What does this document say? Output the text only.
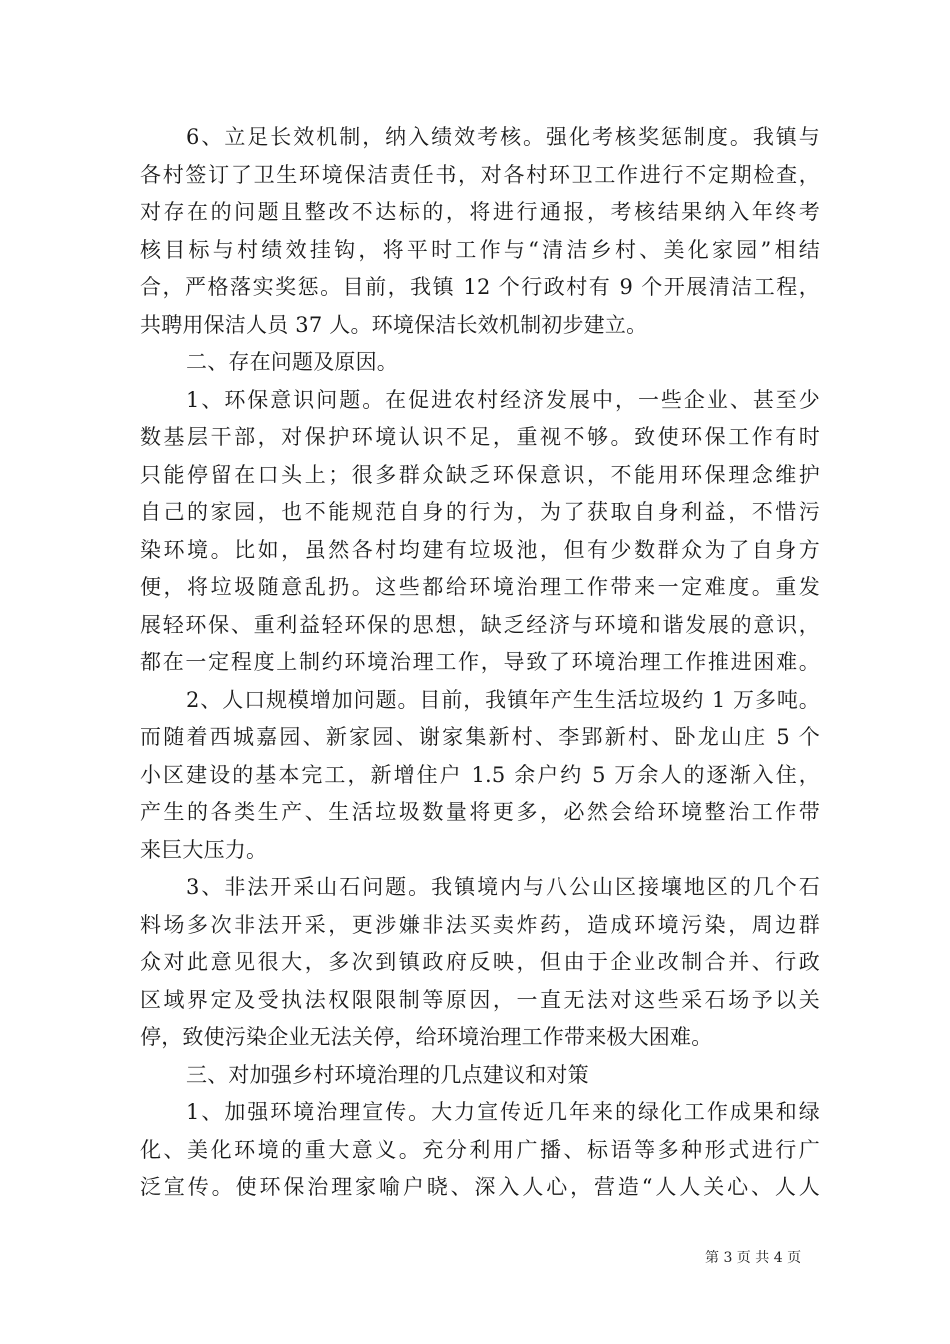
6、立足长效机制，纳入绩效考核。强化考核奖惩制度。我镇与
各村签订了卫生环境保洁责任书，对各村环卫工作进行不定期检查，
对存在的问题且整改不达标的，将进行通报，考核结果纳入年终考
核目标与村绩效挂钩，将平时工作与“清洁乡村、美化家园”相结
合，严格落实奖惩。目前，我镇 12 个行政村有 9 个开展清洁工程，
共聘用保洁人员 37 人。环境保洁长效机制初步建立。
二、存在问题及原因。
1、环保意识问题。在促进农村经济发展中，一些企业、甚至少
数基层干部，对保护环境认识不足，重视不够。致使环保工作有时
只能停留在口头上；很多群众缺乏环保意识，不能用环保理念维护
自己的家园，也不能规范自身的行为，为了获取自身利益，不惜污
染环境。比如，虽然各村均建有垃圾池，但有少数群众为了自身方
便，将垃圾随意乱扔。这些都给环境治理工作带来一定难度。重发
展轻环保、重利益轻环保的思想，缺乏经济与环境和谐发展的意识，
都在一定程度上制约环境治理工作，导致了环境治理工作推进困难。
2、人口规模增加问题。目前，我镇年产生生活垃圾约 1 万多吨。
而随着西城嘉园、新家园、谢家集新村、李郢新村、卧龙山庄 5 个
小区建设的基本完工，新增住户 1.5 余户约 5 万余人的逐渐入住，
产生的各类生产、生活垃圾数量将更多，必然会给环境整治工作带
来巨大压力。
3、非法开采山石问题。我镇境内与八公山区接壤地区的几个石
料场多次非法开采，更涉嫌非法买卖炸药，造成环境污染，周边群
众对此意见很大，多次到镇政府反映，但由于企业改制合并、行政
区域界定及受执法权限限制等原因，一直无法对这些采石场予以关
停，致使污染企业无法关停，给环境治理工作带来极大困难。
三、对加强乡村环境治理的几点建议和对策
1、加强环境治理宣传。大力宣传近几年来的绿化工作成果和绿
化、美化环境的重大意义。充分利用广播、标语等多种形式进行广
泛宣传。使环保治理家喻户晓、深入人心，营造“人人关心、人人
第 3 页 共 4 页
